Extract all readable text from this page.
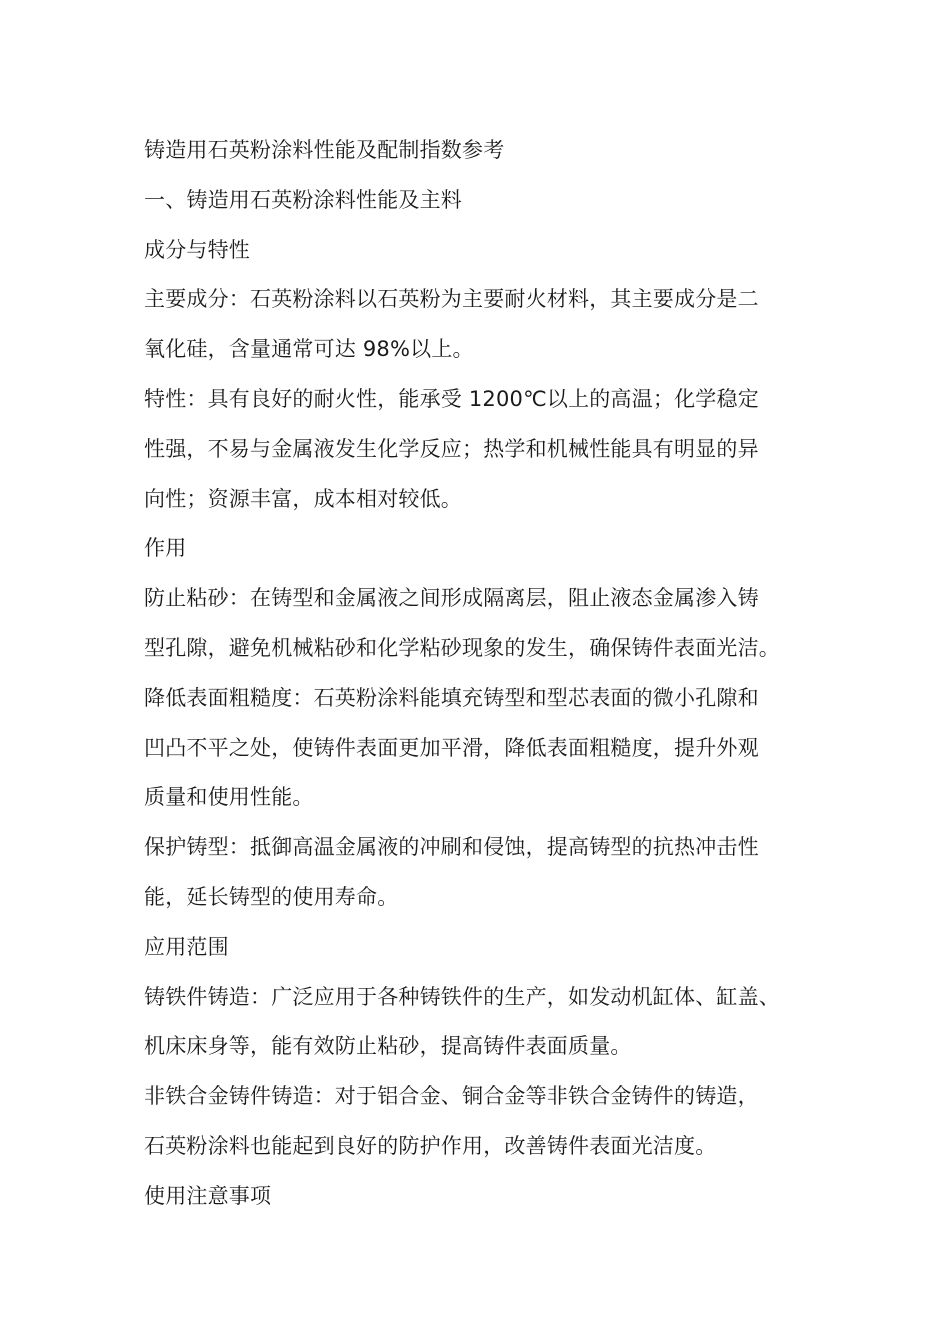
铸造用石英粉涂料性能及配制指数参考
一、铸造用石英粉涂料性能及主料
成分与特性
主要成分：石英粉涂料以石英粉为主要耐火材料，其主要成分是二
氧化硅，含量通常可达 98%以上。
特性：具有良好的耐火性，能承受 1200℃以上的高温；化学稳定
性强，不易与金属液发生化学反应；热学和机械性能具有明显的异
向性；资源丰富，成本相对较低。
作用
防止粘砂：在铸型和金属液之间形成隔离层，阻止液态金属渗入铸
型孔隙，避免机械粘砂和化学粘砂现象的发生，确保铸件表面光洁。
降低表面粗糙度：石英粉涂料能填充铸型和型芯表面的微小孔隙和
凹凸不平之处，使铸件表面更加平滑，降低表面粗糙度，提升外观
质量和使用性能。
保护铸型：抵御高温金属液的冲刷和侵蚀，提高铸型的抗热冲击性
能，延长铸型的使用寿命。
应用范围
铸铁件铸造：广泛应用于各种铸铁件的生产，如发动机缸体、缸盖、
机床床身等，能有效防止粘砂，提高铸件表面质量。
非铁合金铸件铸造：对于铝合金、铜合金等非铁合金铸件的铸造，
石英粉涂料也能起到良好的防护作用，改善铸件表面光洁度。
使用注意事项
